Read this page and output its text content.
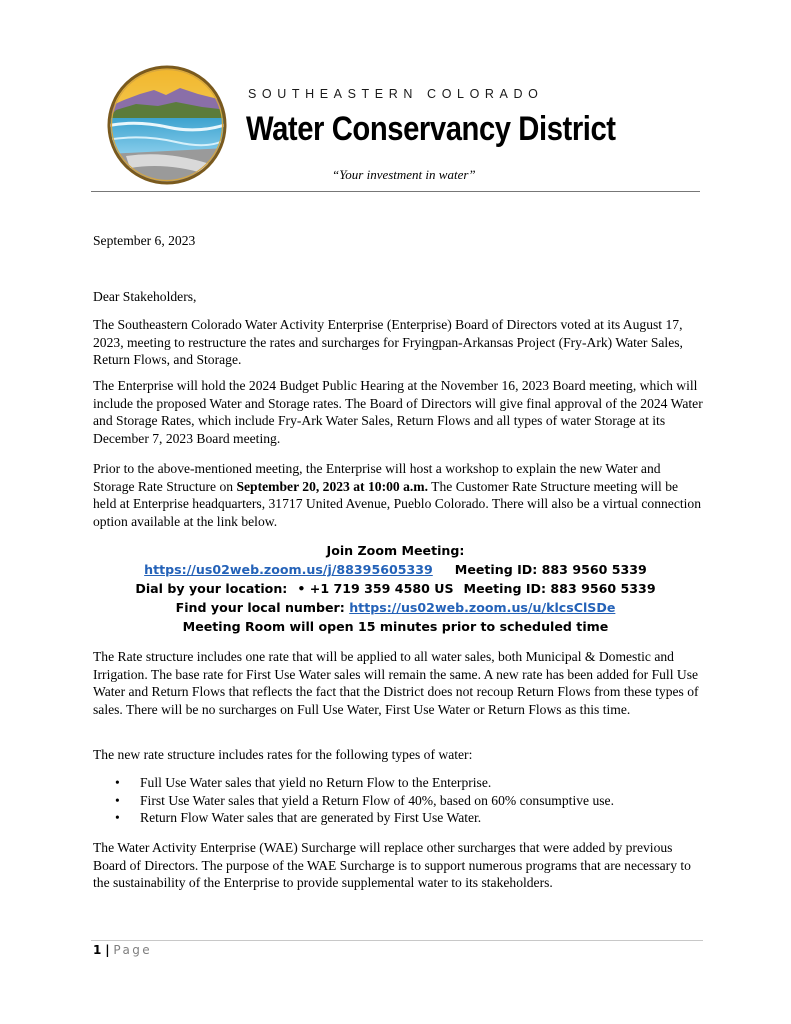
SOUTHEASTERN COLORADO
Water Conservancy District
“Your investment in water”

September 6, 2023

Dear Stakeholders,

The Southeastern Colorado Water Activity Enterprise (Enterprise) Board of Directors voted at its August 17, 2023, meeting to restructure the rates and surcharges for Fryingpan-Arkansas Project (Fry-Ark) Water Sales, Return Flows, and Storage.

The Enterprise will hold the 2024 Budget Public Hearing at the November 16, 2023 Board meeting, which will include the proposed Water and Storage rates. The Board of Directors will give final approval of the 2024 Water and Storage Rates, which include Fry-Ark Water Sales, Return Flows and all types of water Storage at its December 7, 2023 Board meeting.

Prior to the above-mentioned meeting, the Enterprise will host a workshop to explain the new Water and Storage Rate Structure on September 20, 2023 at 10:00 a.m. The Customer Rate Structure meeting will be held at Enterprise headquarters, 31717 United Avenue, Pueblo Colorado. There will also be a virtual connection option available at the link below.

Join Zoom Meeting:
https://us02web.zoom.us/j/88395605339 Meeting ID: 883 9560 5339
Dial by your location: • +1 719 359 4580 US Meeting ID: 883 9560 5339
Find your local number: https://us02web.zoom.us/u/klcsClSDe
Meeting Room will open 15 minutes prior to scheduled time

The Rate structure includes one rate that will be applied to all water sales, both Municipal & Domestic and Irrigation. The base rate for First Use Water sales will remain the same. A new rate has been added for Full Use Water and Return Flows that reflects the fact that the District does not recoup Return Flows from these types of sales. There will be no surcharges on Full Use Water, First Use Water or Return Flows as this time.

The new rate structure includes rates for the following types of water:

• Full Use Water sales that yield no Return Flow to the Enterprise.
• First Use Water sales that yield a Return Flow of 40%, based on 60% consumptive use.
• Return Flow Water sales that are generated by First Use Water.

The Water Activity Enterprise (WAE) Surcharge will replace other surcharges that were added by previous Board of Directors. The purpose of the WAE Surcharge is to support numerous programs that are necessary to the sustainability of the Enterprise to provide supplemental water to its stakeholders.

1 | Page
